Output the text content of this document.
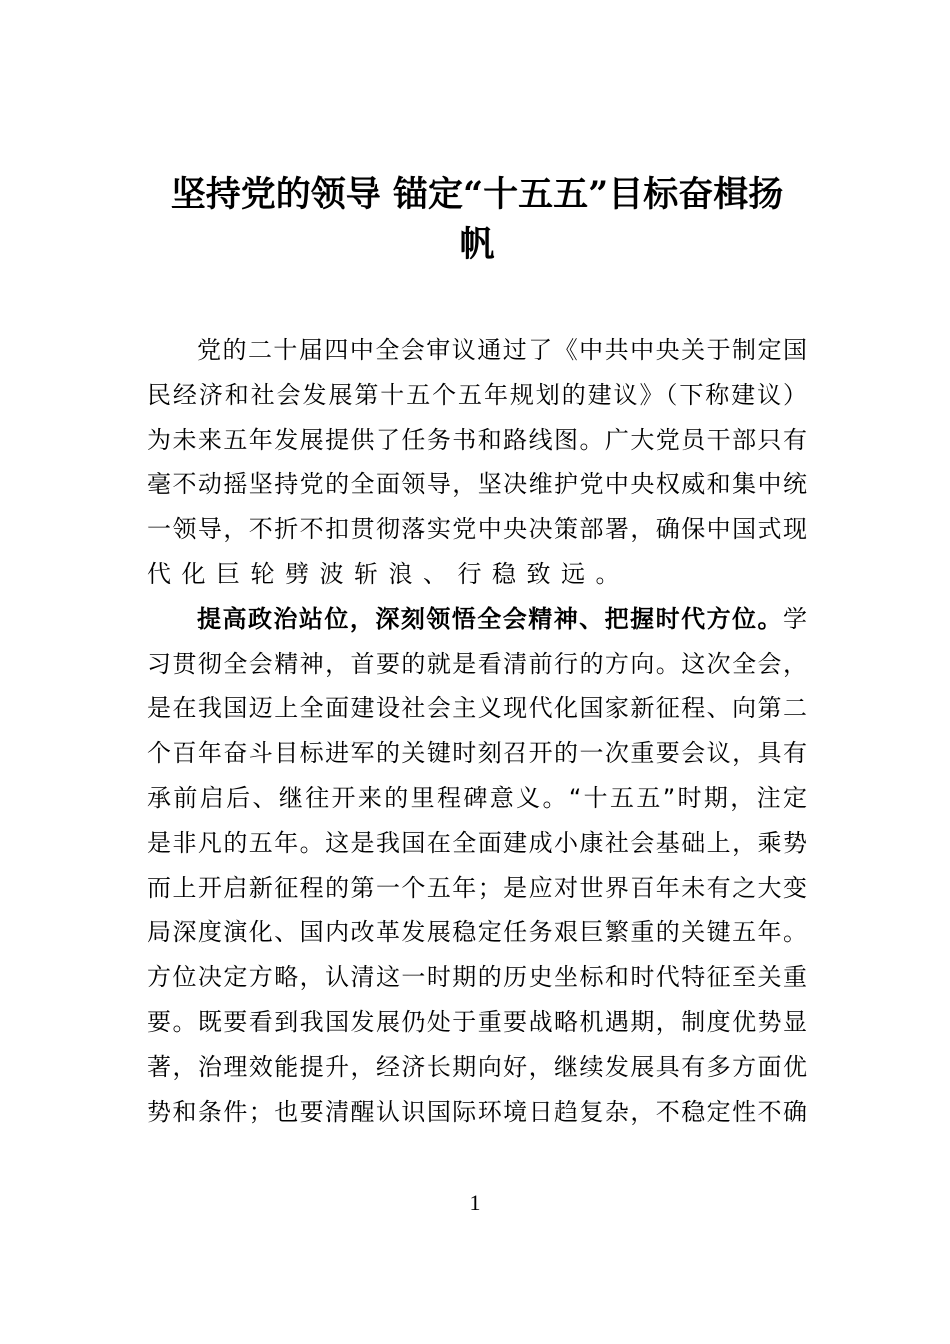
坚持党的领导 锚定“十五五”目标奋楫扬
帆
党的二十届四中全会审议通过了《中共中央关于制定国
民经济和社会发展第十五个五年规划的建议》（下称建议）
为未来五年发展提供了任务书和路线图。广大党员干部只有
毫不动摇坚持党的全面领导，坚决维护党中央权威和集中统
一领导，不折不扣贯彻落实党中央决策部署，确保中国式现
代化巨轮劈波斩浪、行稳致远。
提高政治站位，深刻领悟全会精神、把握时代方位。学
习贯彻全会精神，首要的就是看清前行的方向。这次全会，
是在我国迈上全面建设社会主义现代化国家新征程、向第二
个百年奋斗目标进军的关键时刻召开的一次重要会议，具有
承前启后、继往开来的里程碑意义。“十五五”时期，注定
是非凡的五年。这是我国在全面建成小康社会基础上，乘势
而上开启新征程的第一个五年；是应对世界百年未有之大变
局深度演化、国内改革发展稳定任务艰巨繁重的关键五年。
方位决定方略，认清这一时期的历史坐标和时代特征至关重
要。既要看到我国发展仍处于重要战略机遇期，制度优势显
著，治理效能提升，经济长期向好，继续发展具有多方面优
势和条件；也要清醒认识国际环境日趋复杂，不稳定性不确
1
